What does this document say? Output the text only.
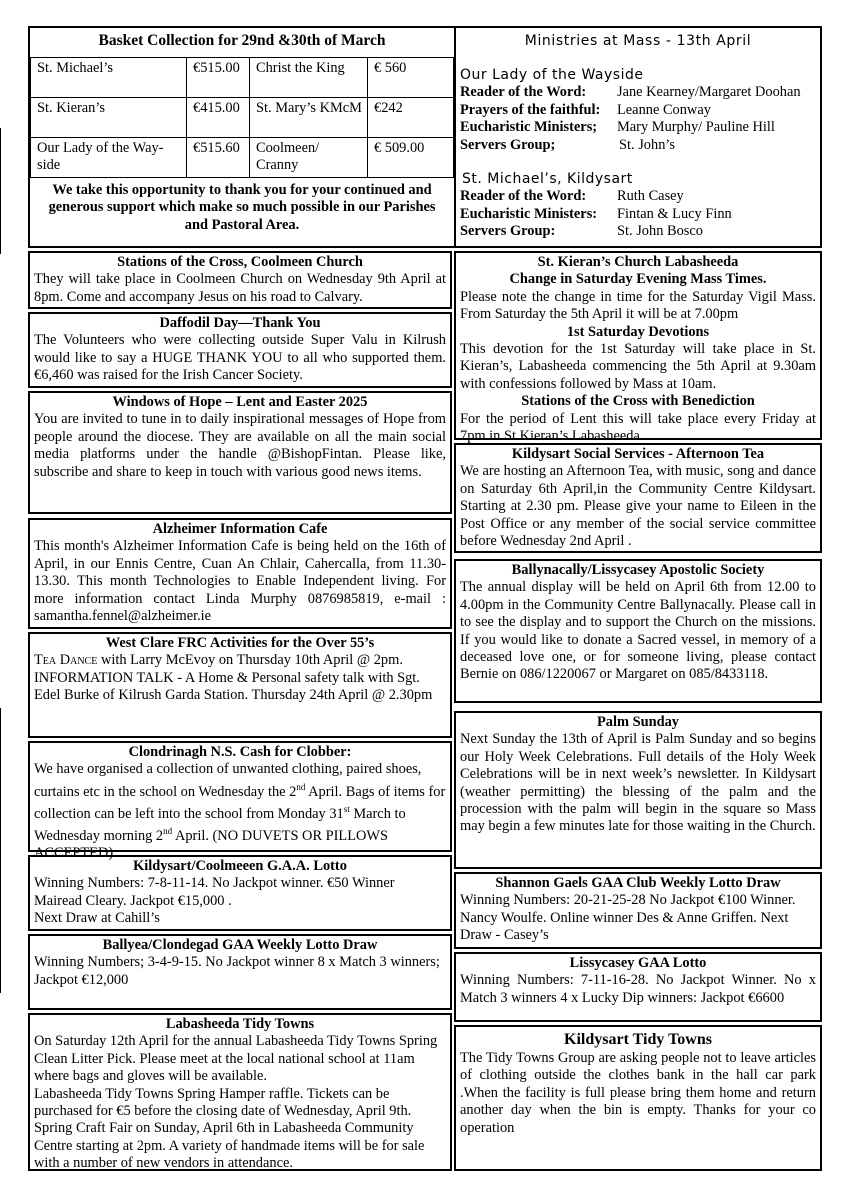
Basket Collection for 29nd &30th of March
St. Michael’s	€515.00	Christ the King	€ 560
St. Kieran’s	€415.00	St. Mary’s KMcM	€242
Our Lady of the Way-side	€515.60	Coolmeen/ Cranny	€ 509.00
We take this opportunity to thank you for your continued and generous support which make so much possible in our Parishes and Pastoral Area.
Ministries at Mass - 13th April
Our Lady of the Wayside
Reader of the Word:	Jane Kearney/Margaret Doohan
Prayers of the faithful:	Leanne Conway
Eucharistic Ministers;	Mary Murphy/ Pauline Hill
Servers Group;	St. John’s
St. Michael’s, Kildysart
Reader of the Word:	Ruth Casey
Eucharistic Ministers:	Fintan & Lucy Finn
Servers Group:	St. John Bosco
Stations of the Cross, Coolmeen Church

They will take place in Coolmeen Church on Wednesday 9th April at 8pm. Come and accompany Jesus on his road to Calvary.

Daffodil Day—Thank You

The Volunteers who were collecting outside Super Valu in Kilrush would like to say a HUGE THANK YOU to all who supported them. €6,460 was raised for the Irish Cancer Society.

Windows of Hope – Lent and Easter 2025

You are invited to tune in to daily inspirational messages of Hope from people around the diocese. They are available on all the main social media platforms under the handle @BishopFintan. Please like, subscribe and share to keep in touch with various good news items.

Alzheimer Information Cafe

This month's Alzheimer Information Cafe is being held on the 16th of April, in our Ennis Centre, Cuan An Chlair, Cahercalla, from 11.30-13.30. This month Technologies to Enable Independent living. For more information contact Linda Murphy 0876985819, e-mail : samantha.fennel@alzheimer.ie

West Clare FRC Activities for the Over 55’s

Tea Dance with Larry McEvoy on Thursday 10th April @ 2pm. INFORMATION TALK - A Home & Personal safety talk with Sgt. Edel Burke of Kilrush Garda Station. Thursday 24th April @ 2.30pm

Clondrinagh N.S. Cash for Clobber:

We have organised a collection of unwanted clothing, paired shoes, curtains etc in the school on Wednesday the 2nd April. Bags of items for collection can be left into the school from Monday 31st March to Wednesday morning 2nd April. (NO DUVETS OR PILLOWS ACCEPTED)

Kildysart/Coolmeeen G.A.A. Lotto

Winning Numbers: 7-8-11-14. No Jackpot winner. €50 Winner Mairead Cleary. Jackpot €15,000 .

Next Draw at Cahill’s

Ballyea/Clondegad GAA Weekly Lotto Draw

Winning Numbers; 3-4-9-15. No Jackpot winner 8 x Match 3 winners; Jackpot €12,000

Labasheeda Tidy Towns

On Saturday 12th April for the annual Labasheeda Tidy Towns Spring Clean Litter Pick. Please meet at the local national school at 11am where bags and gloves will be available.

Labasheeda Tidy Towns Spring Hamper raffle. Tickets can be purchased for €5 before the closing date of Wednesday, April 9th.

Spring Craft Fair on Sunday, April 6th in Labasheeda Community Centre starting at 2pm. A variety of handmade items will be for sale with a number of new vendors in attendance.

St. Kieran’s Church Labasheeda
Change in Saturday Evening Mass Times.

Please note the change in time for the Saturday Vigil Mass. From Saturday the 5th April it will be at 7.00pm

1st Saturday Devotions

This devotion for the 1st Saturday will take place in St. Kieran’s, Labasheeda commencing the 5th April at 9.30am with confessions followed by Mass at 10am.

Stations of the Cross with Benediction

For the period of Lent this will take place every Friday at 7pm in St Kieran’s Labasheeda.

Kildysart Social Services - Afternoon Tea

We are hosting an Afternoon Tea, with music, song and dance on Saturday 6th April,in the Community Centre Kildysart. Starting at 2.30 pm. Please give your name to Eileen in the Post Office or any member of the social service committee before Wednesday 2nd April .

Ballynacally/Lissycasey Apostolic Society

The annual display will be held on April 6th from 12.00 to 4.00pm in the Community Centre Ballynacally. Please call in to see the display and to support the Church on the missions. If you would like to donate a Sacred vessel, in memory of a deceased love one, or for someone living, please contact Bernie on 086/1220067 or Margaret on 085/8433118.

Palm Sunday

Next Sunday the 13th of April is Palm Sunday and so begins our Holy Week Celebrations. Full details of the Holy Week Celebrations will be in next week’s newsletter. In Kildysart (weather permitting) the blessing of the palm and the procession with the palm will begin in the square so Mass may begin a few minutes late for those waiting in the Church.

Shannon Gaels GAA Club Weekly Lotto Draw

Winning Numbers: 20-21-25-28 No Jackpot €100 Winner. Nancy Woulfe. Online winner Des & Anne Griffen. Next Draw - Casey’s

Lissycasey GAA Lotto

Winning Numbers: 7-11-16-28. No Jackpot Winner. No x Match 3 winners 4 x Lucky Dip winners: Jackpot €6600

Kildysart Tidy Towns

The Tidy Towns Group are asking people not to leave articles of clothing outside the clothes bank in the hall car park .When the facility is full please bring them home and return another day when the bin is empty. Thanks for your co operation
